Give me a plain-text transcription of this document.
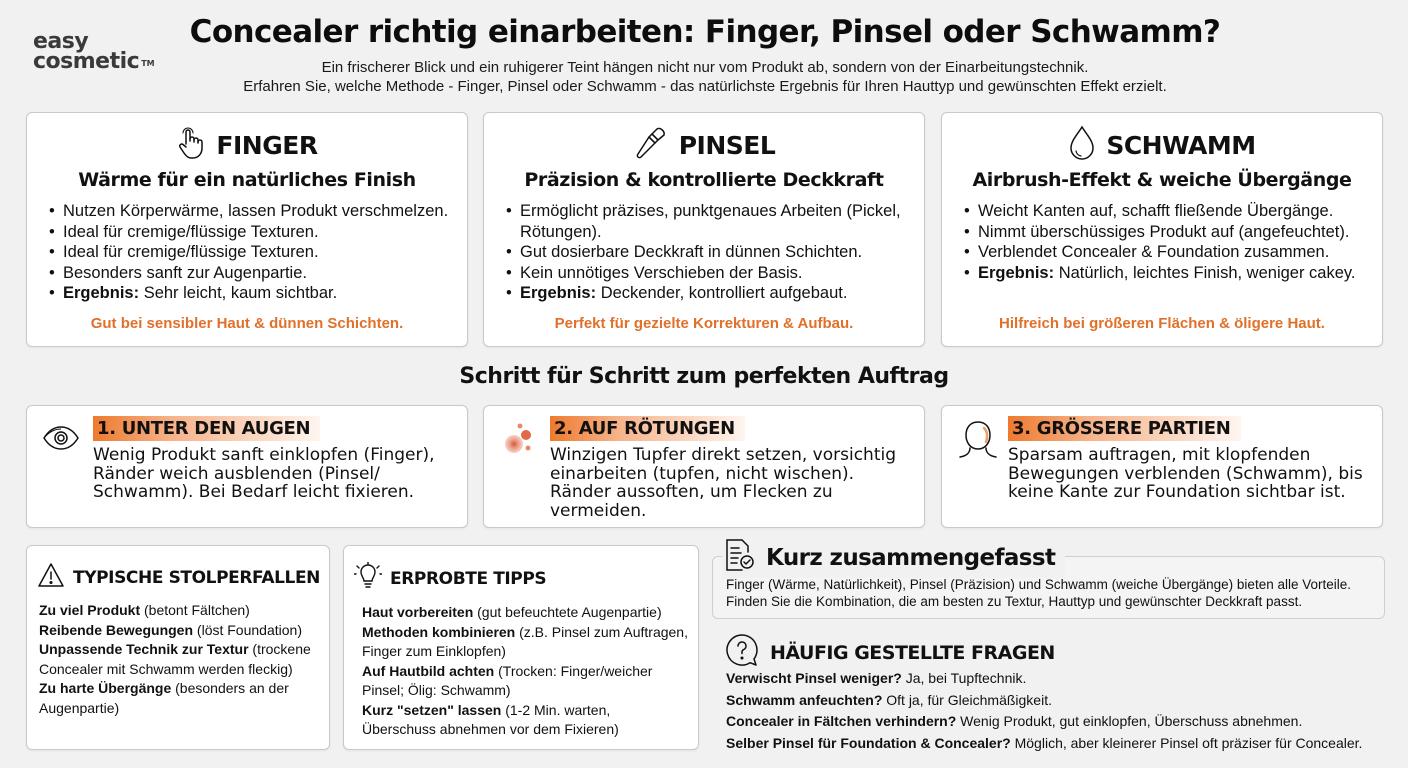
easy
cosmetic ™
Concealer richtig einarbeiten: Finger, Pinsel oder Schwamm?
Ein frischerer Blick und ein ruhigerer Teint hängen nicht nur vom Produkt ab, sondern von der Einarbeitungstechnik.
Erfahren Sie, welche Methode - Finger, Pinsel oder Schwamm - das natürlichste Ergebnis für Ihren Hauttyp und gewünschten Effekt erzielt.
FINGER
Wärme für ein natürliches Finish
• Nutzen Körperwärme, lassen Produkt verschmelzen.
• Ideal für cremige/flüssige Texturen.
• Ideal für cremige/flüssige Texturen.
• Besonders sanft zur Augenpartie.
• Ergebnis: Sehr leicht, kaum sichtbar.
Gut bei sensibler Haut & dünnen Schichten.
PINSEL
Präzision & kontrollierte Deckkraft
• Ermöglicht präzises, punktgenaues Arbeiten (Pickel, Rötungen).
• Gut dosierbare Deckkraft in dünnen Schichten.
• Kein unnötiges Verschieben der Basis.
• Ergebnis: Deckender, kontrolliert aufgebaut.
Perfekt für gezielte Korrekturen & Aufbau.
SCHWAMM
Airbrush-Effekt & weiche Übergänge
• Weicht Kanten auf, schafft fließende Übergänge.
• Nimmt überschüssiges Produkt auf (angefeuchtet).
• Verblendet Concealer & Foundation zusammen.
• Ergebnis: Natürlich, leichtes Finish, weniger cakey.
Hilfreich bei größeren Flächen & öligere Haut.
Schritt für Schritt zum perfekten Auftrag
1. UNTER DEN AUGEN
Wenig Produkt sanft einklopfen (Finger), Ränder weich ausblenden (Pinsel/ Schwamm). Bei Bedarf leicht fixieren.
2. AUF RÖTUNGEN
Winzigen Tupfer direkt setzen, vorsichtig einarbeiten (tupfen, nicht wischen). Ränder aussoften, um Flecken zu vermeiden.
3. GRÖSSERE PARTIEN
Sparsam auftragen, mit klopfenden Bewegungen verblenden (Schwamm), bis keine Kante zur Foundation sichtbar ist.
TYPISCHE STOLPERFALLEN
Zu viel Produkt (betont Fältchen)
Reibende Bewegungen (löst Foundation)
Unpassende Technik zur Textur (trockene Concealer mit Schwamm werden fleckig)
Zu harte Übergänge (besonders an der Augenpartie)
ERPROBTE TIPPS
Haut vorbereiten (gut befeuchtete Augenpartie)
Methoden kombinieren (z.B. Pinsel zum Auftragen, Finger zum Einklopfen)
Auf Hautbild achten (Trocken: Finger/weicher Pinsel; Ölig: Schwamm)
Kurz "setzen" lassen (1-2 Min. warten, Überschuss abnehmen vor dem Fixieren)
Kurz zusammengefasst
Finger (Wärme, Natürlichkeit), Pinsel (Präzision) und Schwamm (weiche Übergänge) bieten alle Vorteile.
Finden Sie die Kombination, die am besten zu Textur, Hauttyp und gewünschter Deckkraft passt.
HÄUFIG GESTELLTE FRAGEN
Verwischt Pinsel weniger? Ja, bei Tupftechnik.
Schwamm anfeuchten? Oft ja, für Gleichmäßigkeit.
Concealer in Fältchen verhindern? Wenig Produkt, gut einklopfen, Überschuss abnehmen.
Selber Pinsel für Foundation & Concealer? Möglich, aber kleinerer Pinsel oft präziser für Concealer.
